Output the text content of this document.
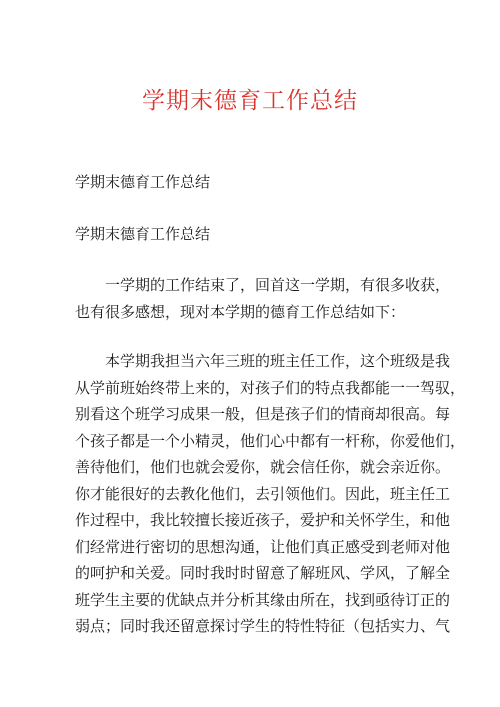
学期末德育工作总结

学期末德育工作总结

学期末德育工作总结

一学期的工作结束了，回首这一学期，有很多收获，
也有很多感想，现对本学期的德育工作总结如下：
本学期我担当六年三班的班主任工作，这个班级是我
从学前班始终带上来的，对孩子们的特点我都能一一驾驭，
别看这个班学习成果一般，但是孩子们的情商却很高。每
个孩子都是一个小精灵，他们心中都有一杆称，你爱他们，
善待他们，他们也就会爱你，就会信任你，就会亲近你。
你才能很好的去教化他们，去引领他们。因此，班主任工
作过程中，我比较擅长接近孩子，爱护和关怀学生，和他
们经常进行密切的思想沟通，让他们真正感受到老师对他
的呵护和关爱。同时我时时留意了解班风、学风，了解全
班学生主要的优缺点并分析其缘由所在，找到亟待订正的
弱点；同时我还留意探讨学生的特性特征（包括实力、气
